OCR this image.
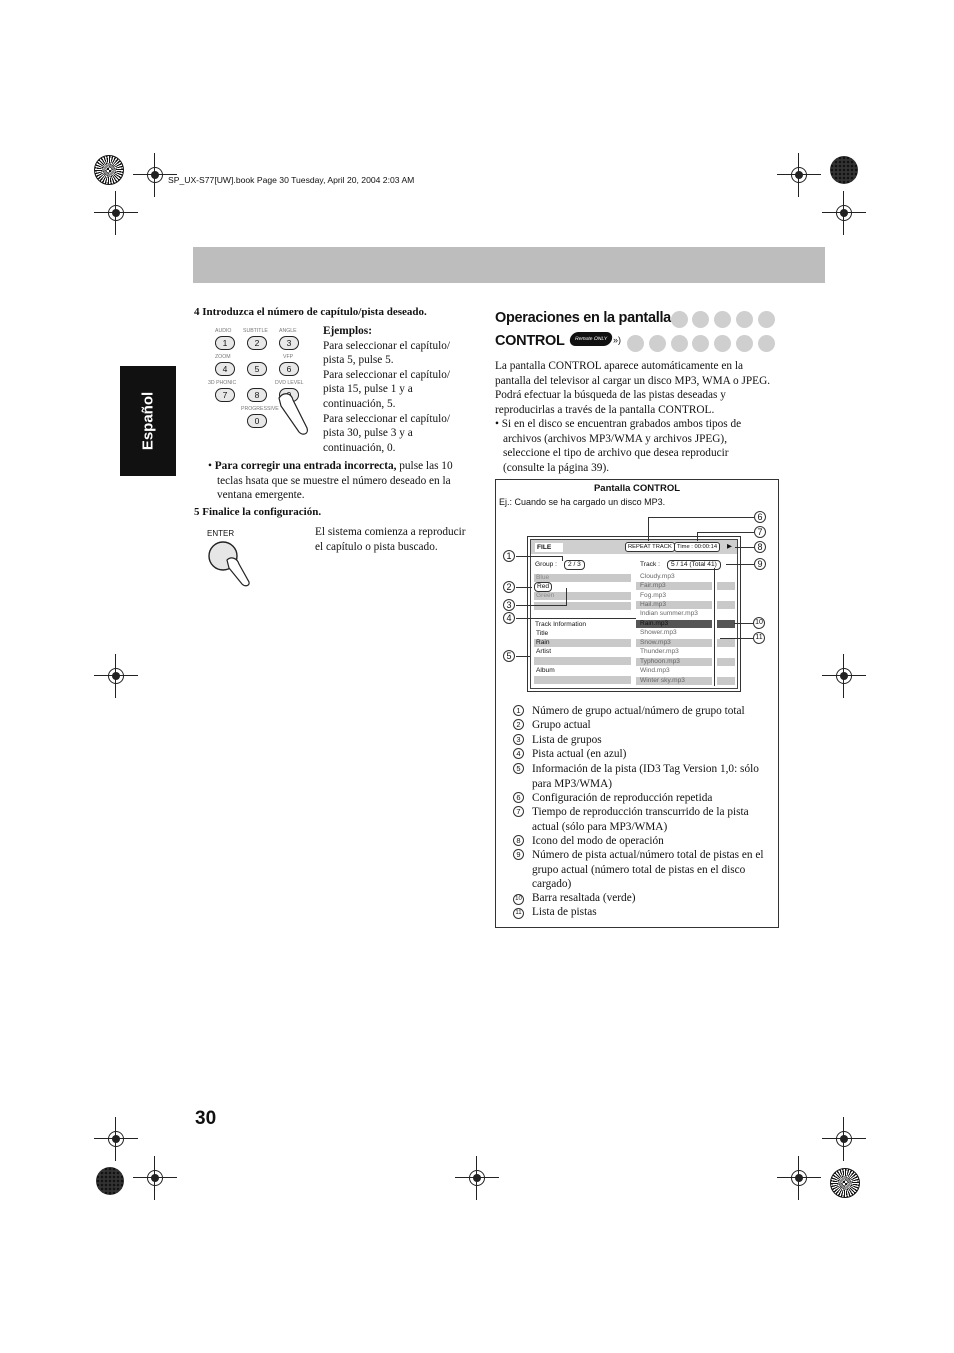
SP_UX-S77[UW].book Page 30 Tuesday, April 20, 2004 2:03 AM
Español
4 Introduzca el número de capítulo/pista deseado.
AUDIO SUBTITLE ANGLE
1	2	3
ZOOM	VFP
4	5	6
3D PHONIC	DVD LEVEL
7	8
PROGRESSIVE
0
Ejemplos:
Para seleccionar el capítulo/
pista 5, pulse 5.
Para seleccionar el capítulo/
pista 15, pulse 1 y a
continuación, 5.
Para seleccionar el capítulo/
pista 30, pulse 3 y a
continuación, 0.
• Para corregir una entrada incorrecta, pulse las 10
teclas hsata que se muestre el número deseado en la
ventana emergente.
5 Finalice la configuración.
ENTER	El sistema comienza a reproducir
el capítulo o pista buscado.
Operaciones en la pantalla
CONTROL	Remote ONLY »)
La pantalla CONTROL aparece automáticamente en la
pantalla del televisor al cargar un disco MP3, WMA o JPEG.
Podrá efectuar la búsqueda de las pistas deseadas y
reproducirlas a través de la pantalla CONTROL.
• Si en el disco se encuentran grabados ambos tipos de
archivos (archivos MP3/WMA y archivos JPEG),
seleccione el tipo de archivo que desea reproducir
(consulte la página 39).
Pantalla CONTROL
Ej.: Cuando se ha cargado un disco MP3.
FILE	REPEAT TRACK Time : 00:00:14	▶
Group :	2 / 3	Track :	5 / 14 (Total 41)
Blue
Red
Green
Track Information
Title
Rain
Artist
Album
Cloudy.mp3
Fair.mp3
Fog.mp3
Hail.mp3
Indian summer.mp3
Rain.mp3
Shower.mp3
Snow.mp3
Thunder.mp3
Typhoon.mp3
Wind.mp3
Winter sky.mp3
1
2
3
4
5
6
7
8
9
10
11
1 Número de grupo actual/número de grupo total
2 Grupo actual
3 Lista de grupos
4 Pista actual (en azul)
5 Información de la pista (ID3 Tag Version 1,0: sólo para MP3/WMA)
6 Configuración de reproducción repetida
7 Tiempo de reproducción transcurrido de la pista actual (sólo para MP3/WMA)
8 Icono del modo de operación
9 Número de pista actual/número total de pistas en el grupo actual (número total de pistas en el disco cargado)
10 Barra resaltada (verde)
11 Lista de pistas
30
